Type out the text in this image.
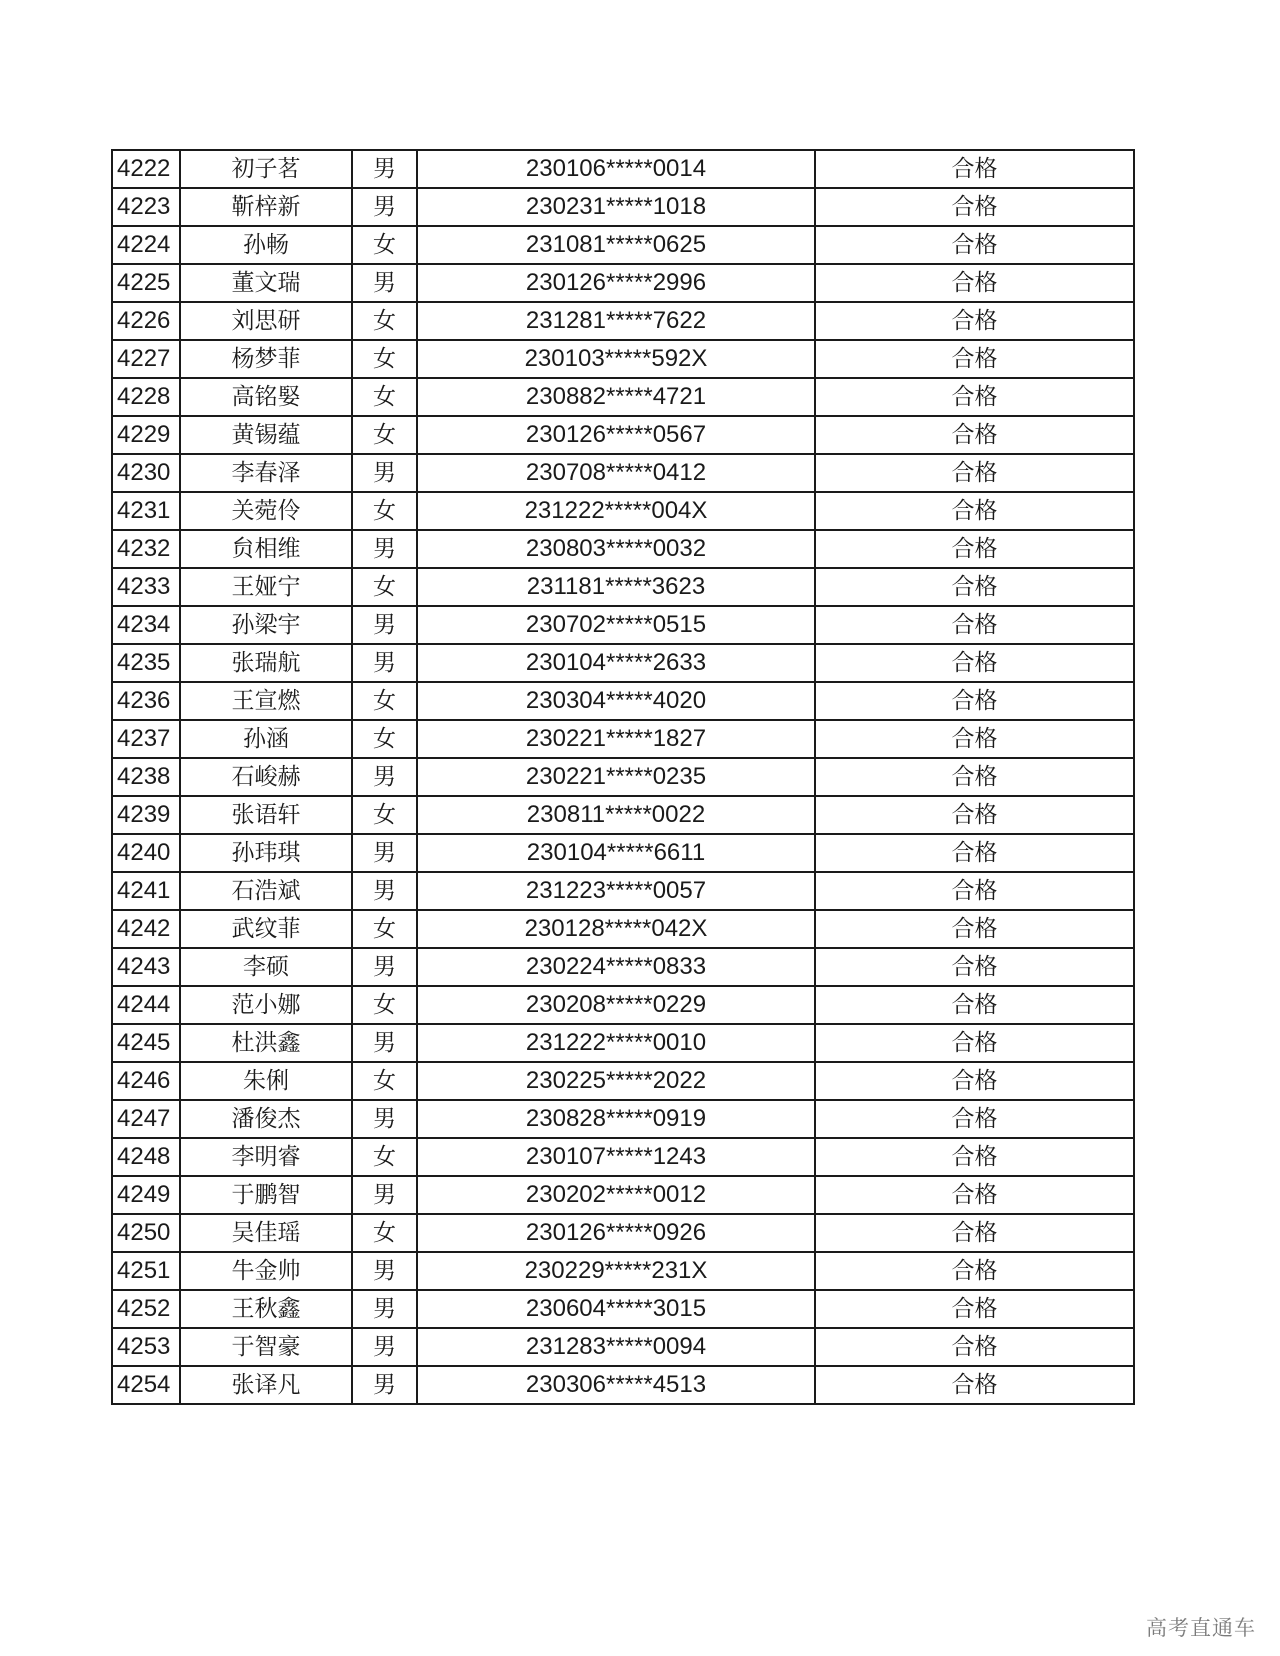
4222	初子茗	男	230106*****0014	合格
4223	靳梓新	男	230231*****1018	合格
4224	孙畅	女	231081*****0625	合格
4225	董文瑞	男	230126*****2996	合格
4226	刘思研	女	231281*****7622	合格
4227	杨梦菲	女	230103*****592X	合格
4228	高铭婜	女	230882*****4721	合格
4229	黄锡蕴	女	230126*****0567	合格
4230	李春泽	男	230708*****0412	合格
4231	关菀伶	女	231222*****004X	合格
4232	贠相维	男	230803*****0032	合格
4233	王娅宁	女	231181*****3623	合格
4234	孙梁宇	男	230702*****0515	合格
4235	张瑞航	男	230104*****2633	合格
4236	王宣燃	女	230304*****4020	合格
4237	孙涵	女	230221*****1827	合格
4238	石峻赫	男	230221*****0235	合格
4239	张语轩	女	230811*****0022	合格
4240	孙玮琪	男	230104*****6611	合格
4241	石浩斌	男	231223*****0057	合格
4242	武纹菲	女	230128*****042X	合格
4243	李硕	男	230224*****0833	合格
4244	范小娜	女	230208*****0229	合格
4245	杜洪鑫	男	231222*****0010	合格
4246	朱俐	女	230225*****2022	合格
4247	潘俊杰	男	230828*****0919	合格
4248	李明睿	女	230107*****1243	合格
4249	于鹏智	男	230202*****0012	合格
4250	吴佳瑶	女	230126*****0926	合格
4251	牛金帅	男	230229*****231X	合格
4252	王秋鑫	男	230604*****3015	合格
4253	于智豪	男	231283*****0094	合格
4254	张译凡	男	230306*****4513	合格
高考直通车
